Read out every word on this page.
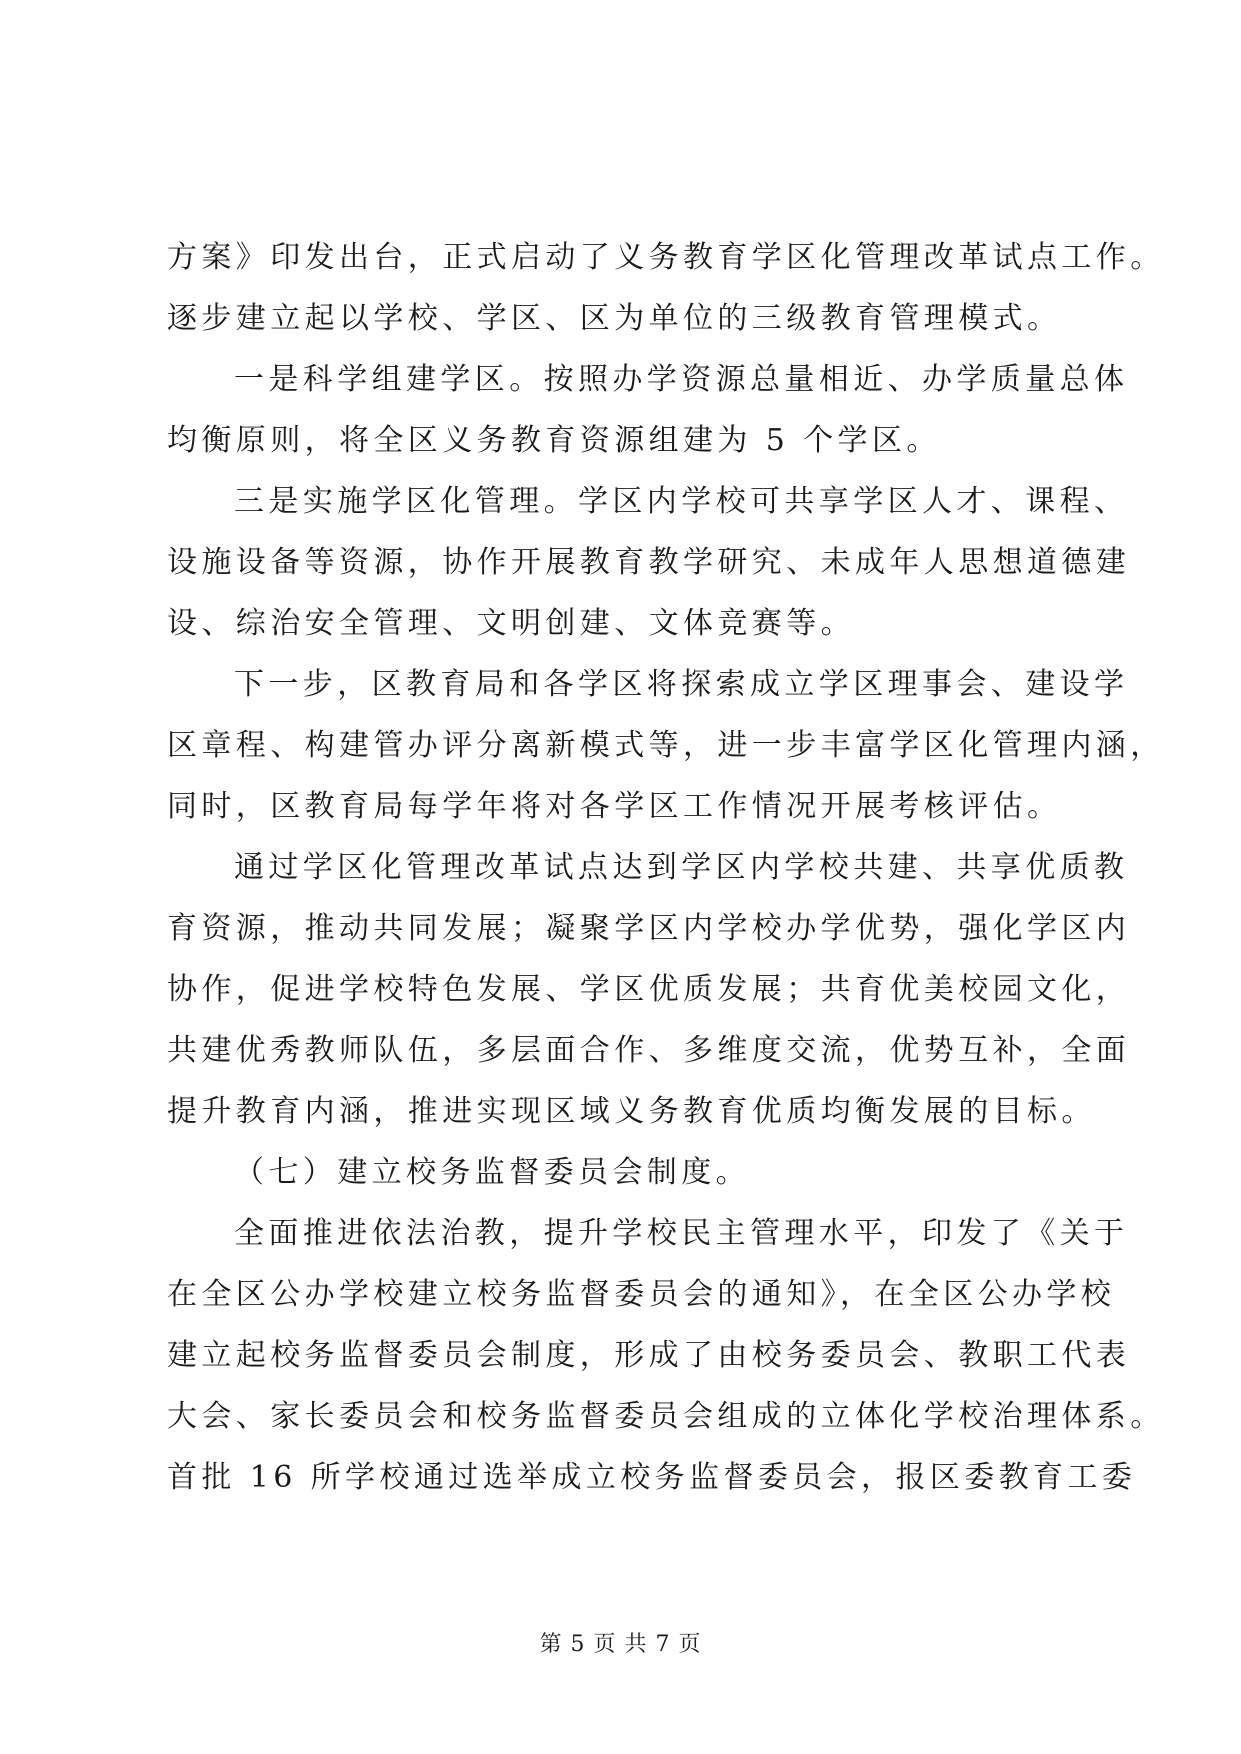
方案》印发出台，正式启动了义务教育学区化管理改革试点工作。
逐步建立起以学校、学区、区为单位的三级教育管理模式。
一是科学组建学区。按照办学资源总量相近、办学质量总体
均衡原则，将全区义务教育资源组建为 5 个学区。
三是实施学区化管理。学区内学校可共享学区人才、课程、
设施设备等资源，协作开展教育教学研究、未成年人思想道德建
设、综治安全管理、文明创建、文体竞赛等。
下一步，区教育局和各学区将探索成立学区理事会、建设学
区章程、构建管办评分离新模式等，进一步丰富学区化管理内涵，
同时，区教育局每学年将对各学区工作情况开展考核评估。
通过学区化管理改革试点达到学区内学校共建、共享优质教
育资源，推动共同发展；凝聚学区内学校办学优势，强化学区内
协作，促进学校特色发展、学区优质发展；共育优美校园文化，
共建优秀教师队伍，多层面合作、多维度交流，优势互补，全面
提升教育内涵，推进实现区域义务教育优质均衡发展的目标。
（七）建立校务监督委员会制度。
全面推进依法治教，提升学校民主管理水平，印发了《关于
在全区公办学校建立校务监督委员会的通知》，在全区公办学校
建立起校务监督委员会制度，形成了由校务委员会、教职工代表
大会、家长委员会和校务监督委员会组成的立体化学校治理体系。
首批 16 所学校通过选举成立校务监督委员会，报区委教育工委
第 5 页 共 7 页
